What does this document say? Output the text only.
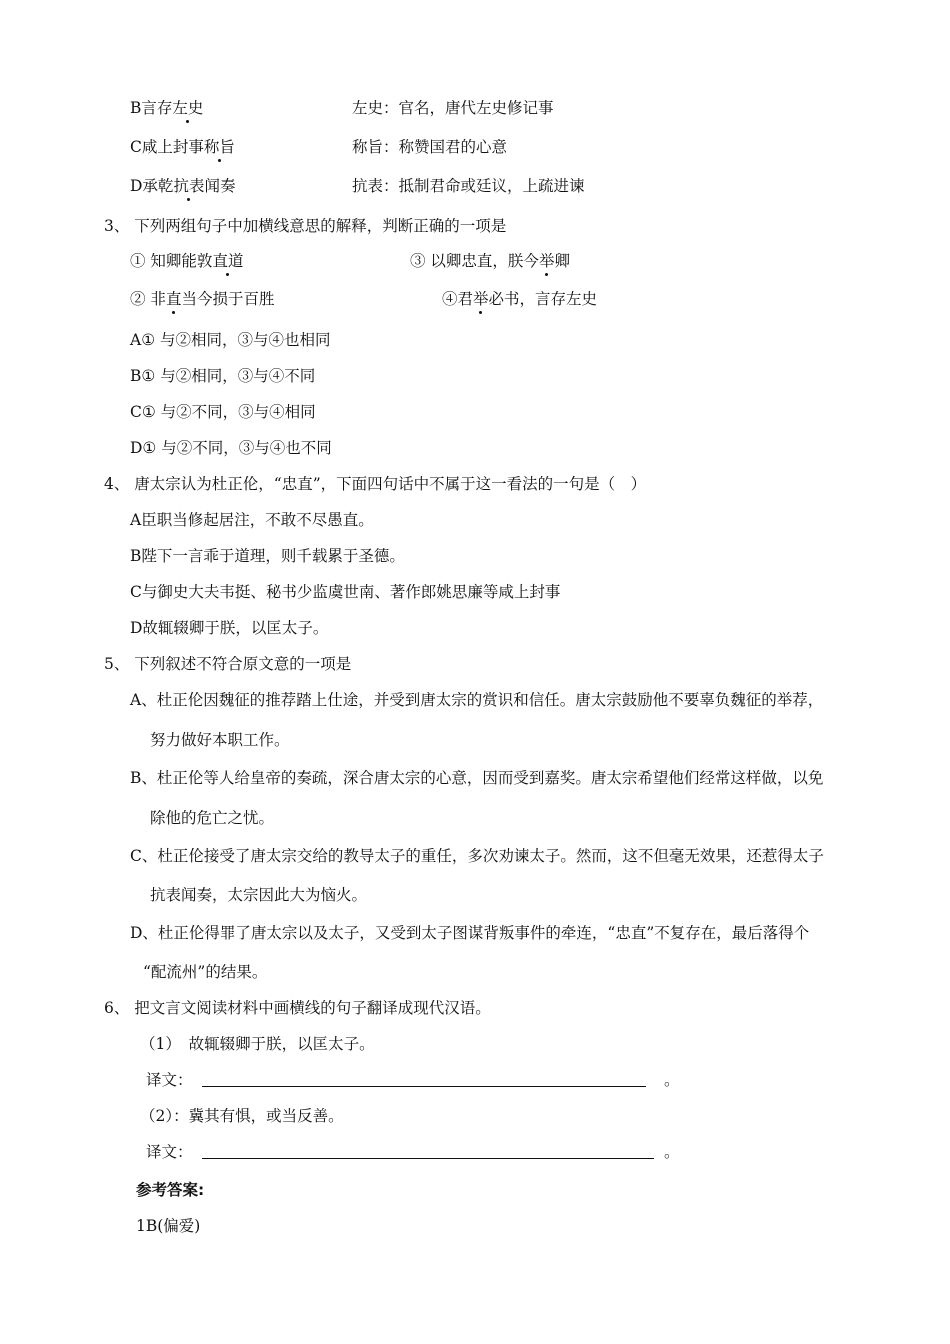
B言存左史	左史：官名，唐代左史修记事
C咸上封事称旨	称旨：称赞国君的心意
D承乾抗表闻奏	抗表：抵制君命或廷议，上疏进谏
3、 下列两组句子中加横线意思的解释，判断正确的一项是
① 知卿能敦直道	③ 以卿忠直，朕今举卿
② 非直当今损于百胜	④君举必书，言存左史
A① 与②相同，③与④也相同
B① 与②相同，③与④不同
C① 与②不同，③与④相同
D① 与②不同，③与④也不同
4、 唐太宗认为杜正伦，“忠直”，下面四句话中不属于这一看法的一句是（　）
A臣职当修起居注，不敢不尽愚直。
B陛下一言乖于道理，则千载累于圣德。
C与御史大夫韦挺、秘书少监虞世南、著作郎姚思廉等咸上封事
D故辄辍卿于朕，以匡太子。
5、 下列叙述不符合原文意的一项是
A、杜正伦因魏征的推荐踏上仕途，并受到唐太宗的赏识和信任。唐太宗鼓励他不要辜负魏征的举荐，
努力做好本职工作。
B、杜正伦等人给皇帝的奏疏，深合唐太宗的心意，因而受到嘉奖。唐太宗希望他们经常这样做，以免
除他的危亡之忧。
C、杜正伦接受了唐太宗交给的教导太子的重任，多次劝谏太子。然而，这不但毫无效果，还惹得太子
抗表闻奏，太宗因此大为恼火。
D、杜正伦得罪了唐太宗以及太子，又受到太子图谋背叛事件的牵连，“忠直”不复存在，最后落得个
“配流州”的结果。
6、 把文言文阅读材料中画横线的句子翻译成现代汉语。
（1）　故辄辍卿于朕，以匡太子。
译文：	。
（2）：冀其有惧，或当反善。
译文：	。
参考答案:
1B(偏爱)
